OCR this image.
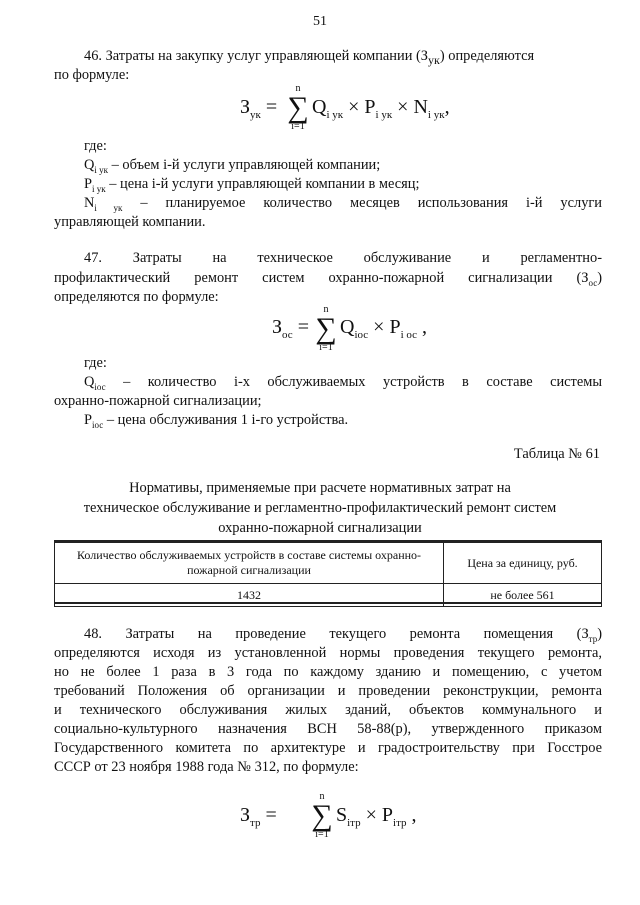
51
46. Затраты на закупку услуг управляющей компании $(З_{ук})$ определяются
по формуле:
$З_{ук}$ =
n
∑
i=1
$Q_{i ук} \times P_{i ук} \times N_{i ук}$,
где:
$Q_{i ук}$ – объем i-й услуги управляющей компании;
$P_{i ук}$ – цена i-й услуги управляющей компании в месяц;
$N_{i ук}$ – планируемое количество месяцев использования i-й услуги
управляющей компании.
47. Затраты на техническое обслуживание и регламентно-
профилактический ремонт систем охранно-пожарной сигнализации $(З_{ос})$
определяются по формуле:
$З_{ос}$ =
n
∑
i=1
$Q_{iос} \times P_{i ос}$ ,
где:
$Q_{iос}$ – количество i-х обслуживаемых устройств в составе системы
охранно-пожарной сигнализации;
$P_{iос}$ – цена обслуживания 1 i-го устройства.
Таблица № 61
Нормативы, применяемые при расчете нормативных затрат на
техническое обслуживание и регламентно-профилактический ремонт систем
охранно-пожарной сигнализации
Количество обслуживаемых устройств в составе системы охранно-пожарной сигнализации	Цена за единицу, руб.
1432	не более 561
48. Затраты на проведение текущего ремонта помещения $(З_{тр})$
определяются исходя из установленной нормы проведения текущего ремонта,
но не более 1 раза в 3 года по каждому зданию и помещению, с учетом
требований Положения об организации и проведении реконструкции, ремонта
и технического обслуживания жилых зданий, объектов коммунального и
социально-культурного назначения ВСН 58-88(р), утвержденного приказом
Государственного комитета по архитектуре и градостроительству при Госстрое
СССР от 23 ноября 1988 года № 312, по формуле:
$З_{тр}$ =
n
∑
i=1
$S_{iтр} \times P_{iтр}$ ,
